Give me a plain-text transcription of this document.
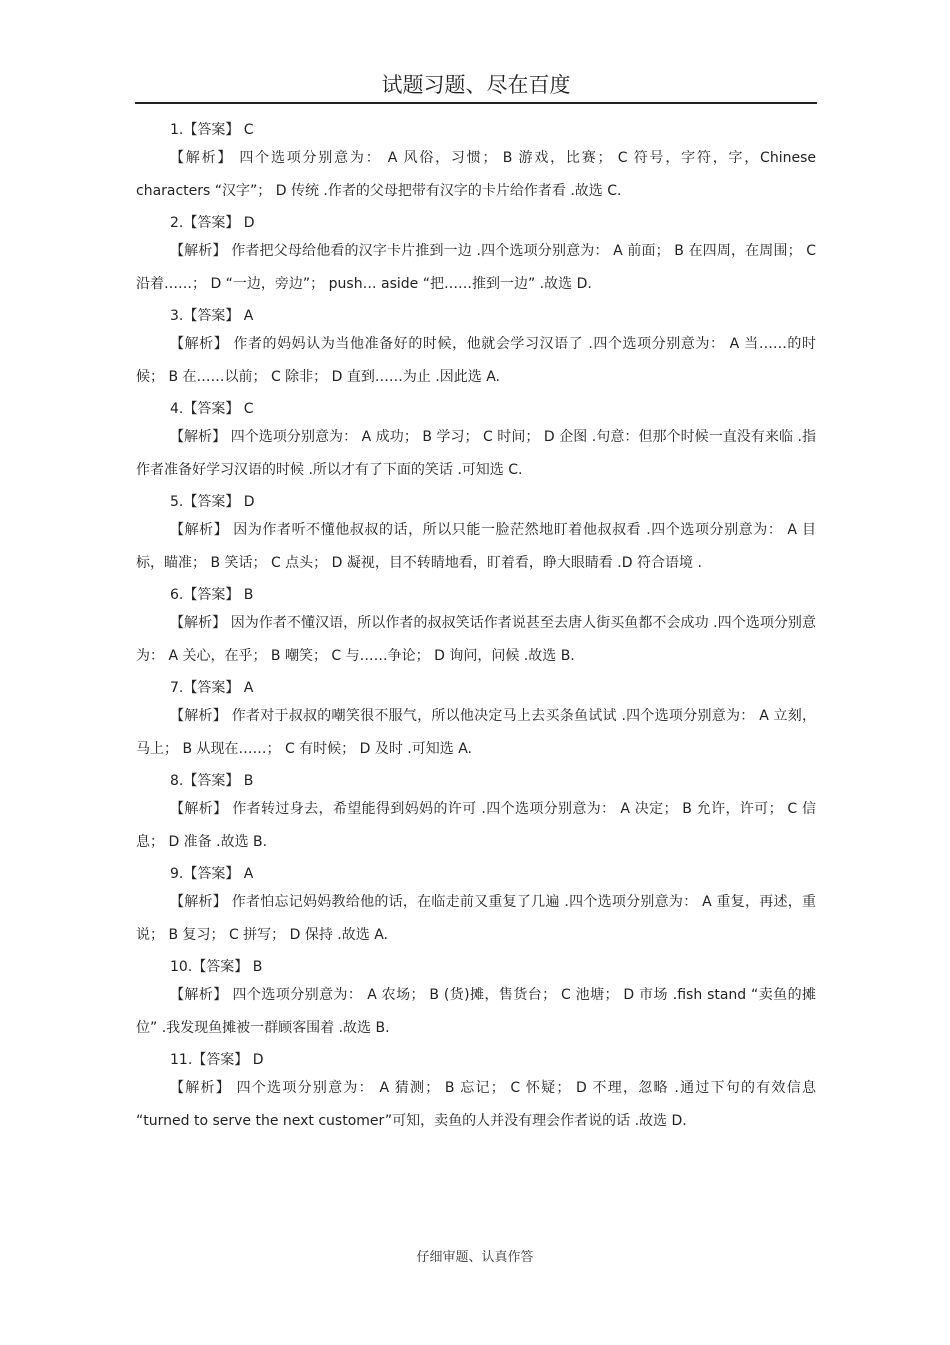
试题习题、尽在百度
1.【答案】 C
【解析】 四个选项分别意为： A 风俗，习惯； B 游戏，比赛； C 符号，字符，字，Chinese characters “汉字”； D 传统 .作者的父母把带有汉字的卡片给作者看 .故选 C.
2.【答案】 D
【解析】 作者把父母给他看的汉字卡片推到一边 .四个选项分别意为： A 前面； B 在四周，在周围； C 沿着……； D “一边，旁边”； push… aside “把……推到一边” .故选 D.
3.【答案】 A
【解析】 作者的妈妈认为当他准备好的时候，他就会学习汉语了 .四个选项分别意为： A 当……的时候； B 在……以前； C 除非； D 直到……为止 .因此选 A.
4.【答案】 C
【解析】 四个选项分别意为： A 成功； B 学习； C 时间； D 企图 .句意：但那个时候一直没有来临 .指作者准备好学习汉语的时候 .所以才有了下面的笑话 .可知选 C.
5.【答案】 D
【解析】 因为作者听不懂他叔叔的话，所以只能一脸茫然地盯着他叔叔看 .四个选项分别意为： A 目标，瞄准； B 笑话； C 点头； D 凝视，目不转睛地看，盯着看，睁大眼睛看 .D 符合语境 .
6.【答案】 B
【解析】 因为作者不懂汉语，所以作者的叔叔笑话作者说甚至去唐人街买鱼都不会成功 .四个选项分别意为： A 关心，在乎； B 嘲笑； C 与……争论； D 询问，问候 .故选 B.
7.【答案】 A
【解析】 作者对于叔叔的嘲笑很不服气，所以他决定马上去买条鱼试试 .四个选项分别意为： A 立刻，马上； B 从现在……； C 有时候； D 及时 .可知选 A.
8.【答案】 B
【解析】 作者转过身去，希望能得到妈妈的许可 .四个选项分别意为： A 决定； B 允许，许可； C 信息； D 准备 .故选 B.
9.【答案】 A
【解析】 作者怕忘记妈妈教给他的话，在临走前又重复了几遍 .四个选项分别意为： A 重复，再述，重说； B 复习； C 拼写； D 保持 .故选 A.
10.【答案】 B
【解析】 四个选项分别意为： A 农场； B (货)摊，售货台； C 池塘； D 市场 .fish stand “卖鱼的摊位” .我发现鱼摊被一群顾客围着 .故选 B.
11.【答案】 D
【解析】 四个选项分别意为： A 猜测； B 忘记； C 怀疑； D 不理，忽略 .通过下句的有效信息 “turned to serve the next customer”可知，卖鱼的人并没有理会作者说的话 .故选 D.
仔细审题、认真作答
